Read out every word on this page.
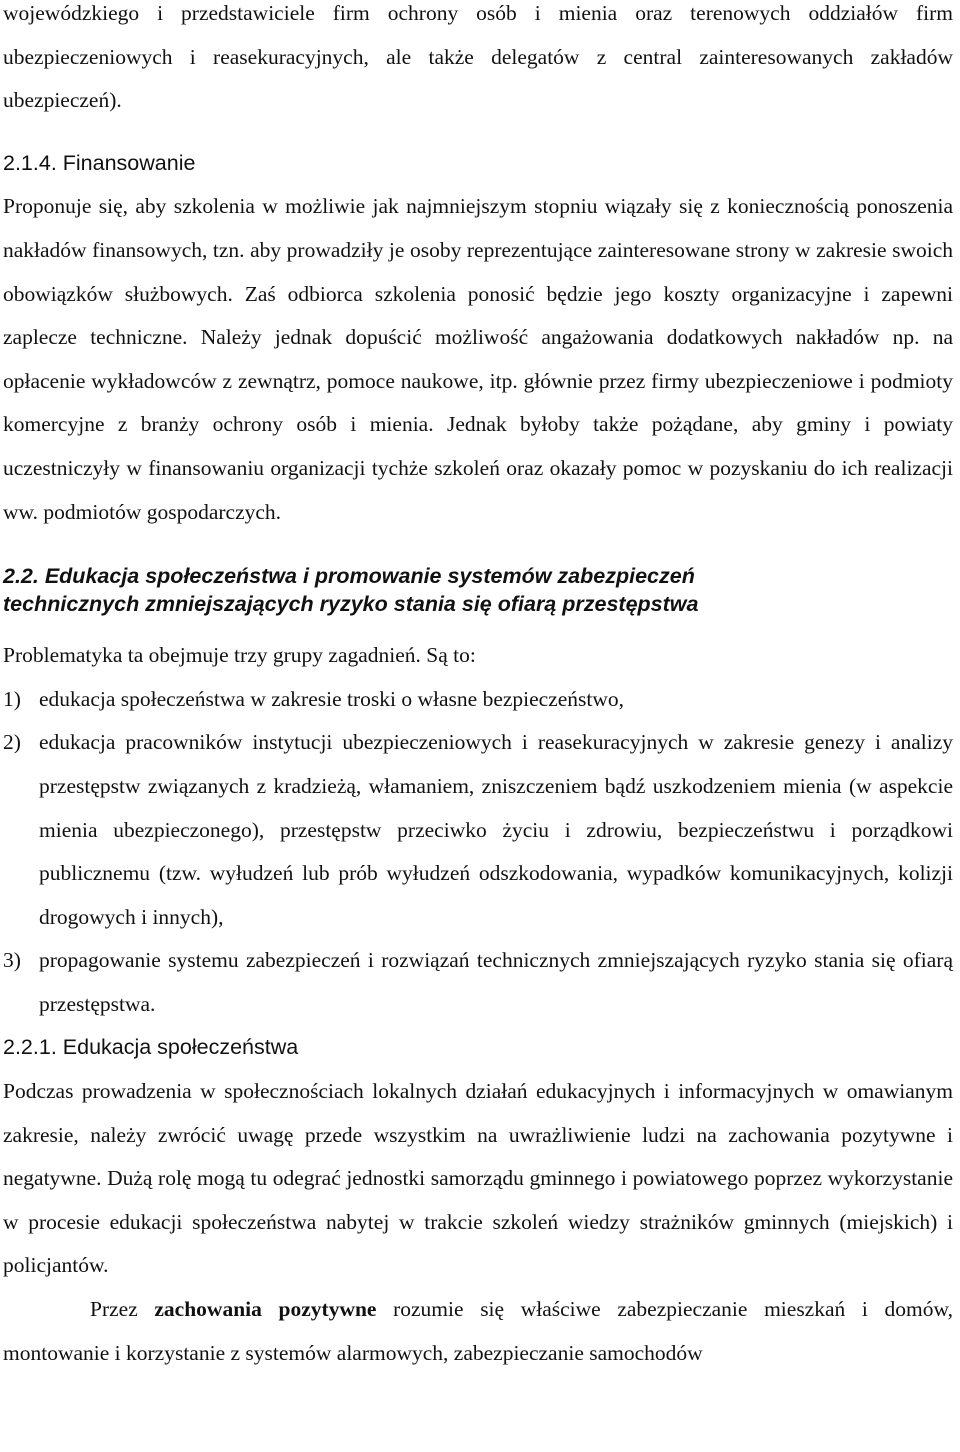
wojewódzkiego i przedstawiciele firm ochrony osób i mienia oraz terenowych oddziałów firm ubezpieczeniowych i reasekuracyjnych, ale także delegatów z central zainteresowanych zakładów ubezpieczeń).

2.1.4. Finansowanie

Proponuje się, aby szkolenia w możliwie jak najmniejszym stopniu wiązały się z koniecznością ponoszenia nakładów finansowych, tzn. aby prowadziły je osoby reprezentujące zainteresowane strony w zakresie swoich obowiązków służbowych. Zaś odbiorca szkolenia ponosić będzie jego koszty organizacyjne i zapewni zaplecze techniczne. Należy jednak dopuścić możliwość angażowania dodatkowych nakładów np. na opłacenie wykładowców z zewnątrz, pomoce naukowe, itp. głównie przez firmy ubezpieczeniowe i podmioty komercyjne z branży ochrony osób i mienia. Jednak byłoby także pożądane, aby gminy i powiaty uczestniczyły w finansowaniu organizacji tychże szkoleń oraz okazały pomoc w pozyskaniu do ich realizacji ww. podmiotów gospodarczych.

2.2. Edukacja społeczeństwa i promowanie systemów zabezpieczeń

technicznych zmniejszających ryzyko stania się ofiarą przestępstwa

Problematyka ta obejmuje trzy grupy zagadnień. Są to:

1) edukacja społeczeństwa w zakresie troski o własne bezpieczeństwo,
2) edukacja pracowników instytucji ubezpieczeniowych i reasekuracyjnych w zakresie genezy i analizy przestępstw związanych z kradzieżą, włamaniem, zniszczeniem bądź uszkodzeniem mienia (w aspekcie mienia ubezpieczonego), przestępstw przeciwko życiu i zdrowiu, bezpieczeństwu i porządkowi publicznemu (tzw. wyłudzeń lub prób wyłudzeń odszkodowania, wypadków komunikacyjnych, kolizji drogowych i innych),
3) propagowanie systemu zabezpieczeń i rozwiązań technicznych zmniejszających ryzyko stania się ofiarą przestępstwa.

2.2.1. Edukacja społeczeństwa

Podczas prowadzenia w społecznościach lokalnych działań edukacyjnych i informacyjnych w omawianym zakresie, należy zwrócić uwagę przede wszystkim na uwrażliwienie ludzi na zachowania pozytywne i negatywne. Dużą rolę mogą tu odegrać jednostki samorządu gminnego i powiatowego poprzez wykorzystanie w procesie edukacji społeczeństwa nabytej w trakcie szkoleń wiedzy strażników gminnych (miejskich) i policjantów.

Przez zachowania pozytywne rozumie się właściwe zabezpieczanie mieszkań i domów, montowanie i korzystanie z systemów alarmowych, zabezpieczanie samochodów
